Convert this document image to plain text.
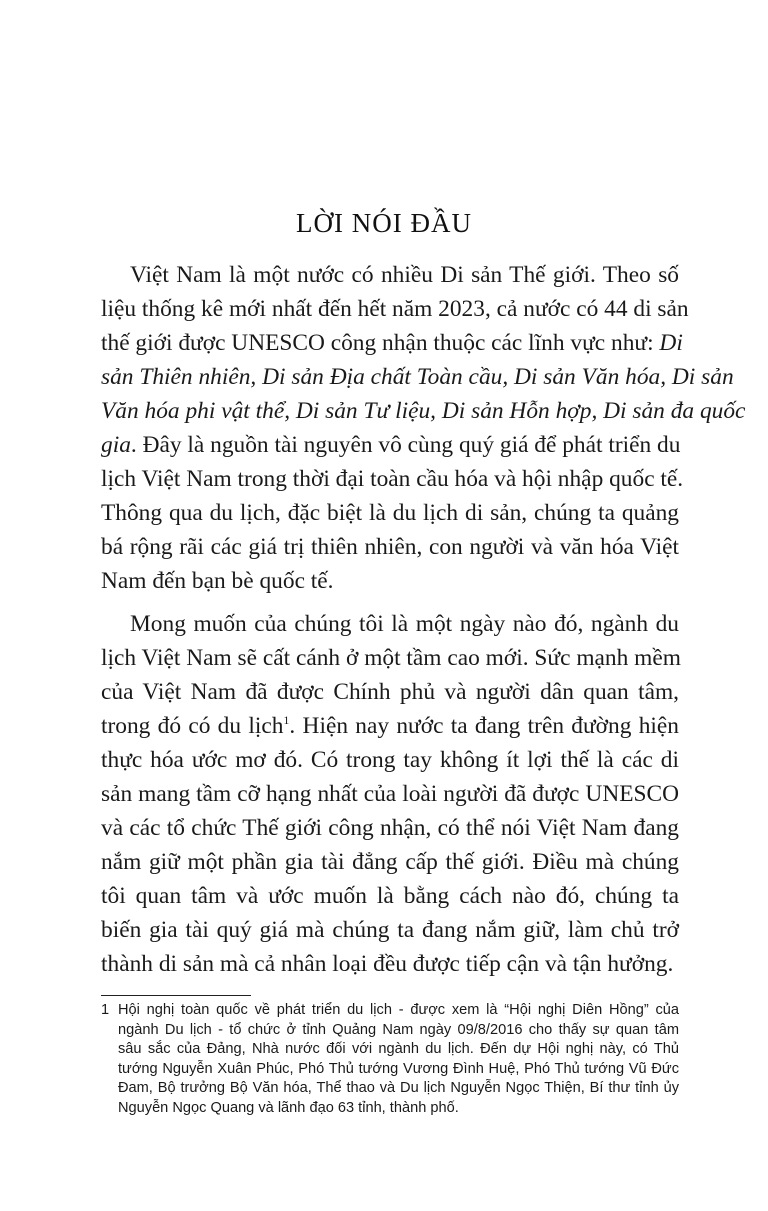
LỜI NÓI ĐẦU
Việt Nam là một nước có nhiều Di sản Thế giới. Theo số
liệu thống kê mới nhất đến hết năm 2023, cả nước có 44 di sản
thế giới được UNESCO công nhận thuộc các lĩnh vực như: Di
sản Thiên nhiên, Di sản Địa chất Toàn cầu, Di sản Văn hóa, Di sản
Văn hóa phi vật thể, Di sản Tư liệu, Di sản Hỗn hợp, Di sản đa quốc
gia. Đây là nguồn tài nguyên vô cùng quý giá để phát triển du
lịch Việt Nam trong thời đại toàn cầu hóa và hội nhập quốc tế.
Thông qua du lịch, đặc biệt là du lịch di sản, chúng ta quảng
bá rộng rãi các giá trị thiên nhiên, con người và văn hóa Việt
Nam đến bạn bè quốc tế.
Mong muốn của chúng tôi là một ngày nào đó, ngành du
lịch Việt Nam sẽ cất cánh ở một tầm cao mới. Sức mạnh mềm
của Việt Nam đã được Chính phủ và người dân quan tâm,
trong đó có du lịch$^1$. Hiện nay nước ta đang trên đường hiện
thực hóa ước mơ đó. Có trong tay không ít lợi thế là các di
sản mang tầm cỡ hạng nhất của loài người đã được UNESCO
và các tổ chức Thế giới công nhận, có thể nói Việt Nam đang
nắm giữ một phần gia tài đẳng cấp thế giới. Điều mà chúng
tôi quan tâm và ước muốn là bằng cách nào đó, chúng ta
biến gia tài quý giá mà chúng ta đang nắm giữ, làm chủ trở
thành di sản mà cả nhân loại đều được tiếp cận và tận hưởng.
1 Hội nghị toàn quốc về phát triển du lịch - được xem là “Hội nghị Diên Hồng” của
ngành Du lịch - tổ chức ở tỉnh Quảng Nam ngày 09/8/2016 cho thấy sự quan tâm
sâu sắc của Đảng, Nhà nước đối với ngành du lịch. Đến dự Hội nghị này, có Thủ
tướng Nguyễn Xuân Phúc, Phó Thủ tướng Vương Đình Huệ, Phó Thủ tướng Vũ Đức
Đam, Bộ trưởng Bộ Văn hóa, Thể thao và Du lịch Nguyễn Ngọc Thiện, Bí thư tỉnh ủy
Nguyễn Ngọc Quang và lãnh đạo 63 tỉnh, thành phố.
